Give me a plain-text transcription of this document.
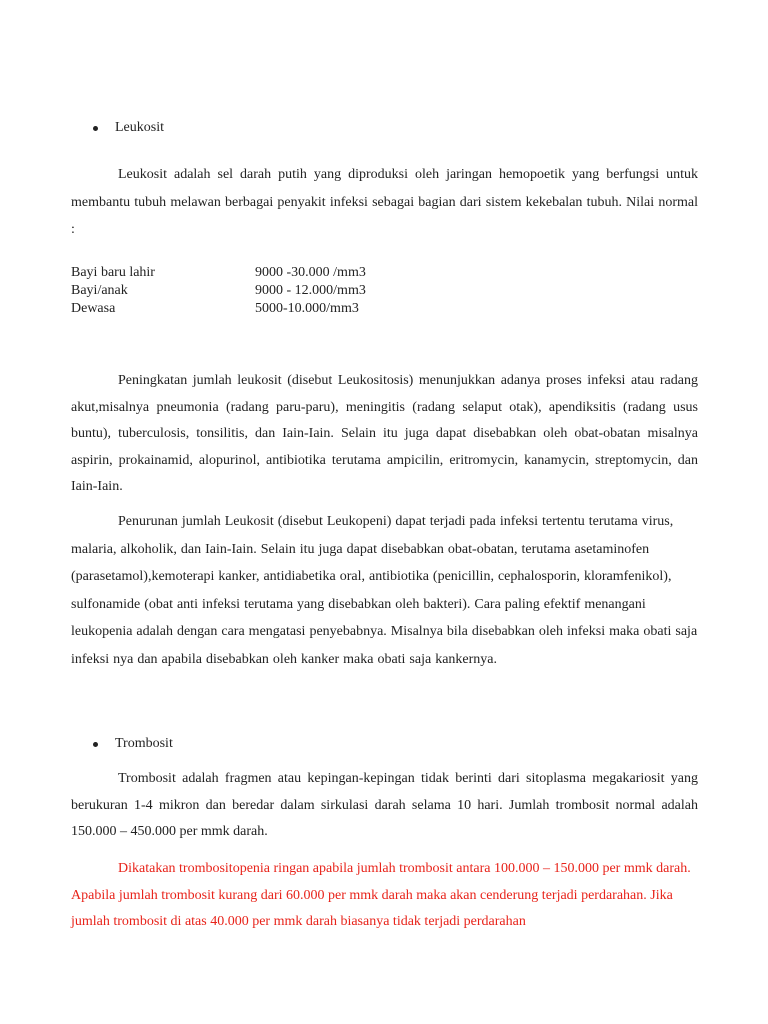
Leukosit

Leukosit adalah sel darah putih yang diproduksi oleh jaringan hemopoetik yang berfungsi untuk membantu tubuh melawan berbagai penyakit infeksi sebagai bagian dari sistem kekebalan tubuh. Nilai normal :

Bayi baru lahir	9000 -30.000 /mm3
Bayi/anak	9000 - 12.000/mm3
Dewasa	5000-10.000/mm3

Peningkatan jumlah leukosit (disebut Leukositosis) menunjukkan adanya proses infeksi atau radang akut,misalnya pneumonia (radang paru-paru), meningitis (radang selaput otak), apendiksitis (radang usus buntu), tuberculosis, tonsilitis, dan Iain-Iain. Selain itu juga dapat disebabkan oleh obat-obatan misalnya aspirin, prokainamid, alopurinol, antibiotika terutama ampicilin, eritromycin, kanamycin, streptomycin, dan Iain-Iain.

Penurunan jumlah Leukosit (disebut Leukopeni) dapat terjadi pada infeksi tertentu terutama virus, malaria, alkoholik, dan Iain-Iain. Selain itu juga dapat disebabkan obat-obatan, terutama asetaminofen (parasetamol),kemoterapi kanker, antidiabetika oral, antibiotika (penicillin, cephalosporin, kloramfenikol), sulfonamide (obat anti infeksi terutama yang disebabkan oleh bakteri). Cara paling efektif menangani leukopenia adalah dengan cara mengatasi penyebabnya. Misalnya bila disebabkan oleh infeksi maka obati saja infeksi nya dan apabila disebabkan oleh kanker maka obati saja kankernya.

Trombosit

Trombosit adalah fragmen atau kepingan-kepingan tidak berinti dari sitoplasma megakariosit yang berukuran 1-4 mikron dan beredar dalam sirkulasi darah selama 10 hari. Jumlah trombosit normal adalah 150.000 – 450.000 per mmk darah.

Dikatakan trombositopenia ringan apabila jumlah trombosit antara 100.000 – 150.000 per mmk darah. Apabila jumlah trombosit kurang dari 60.000 per mmk darah maka akan cenderung terjadi perdarahan. Jika jumlah trombosit di atas 40.000 per mmk darah biasanya tidak terjadi perdarahan
